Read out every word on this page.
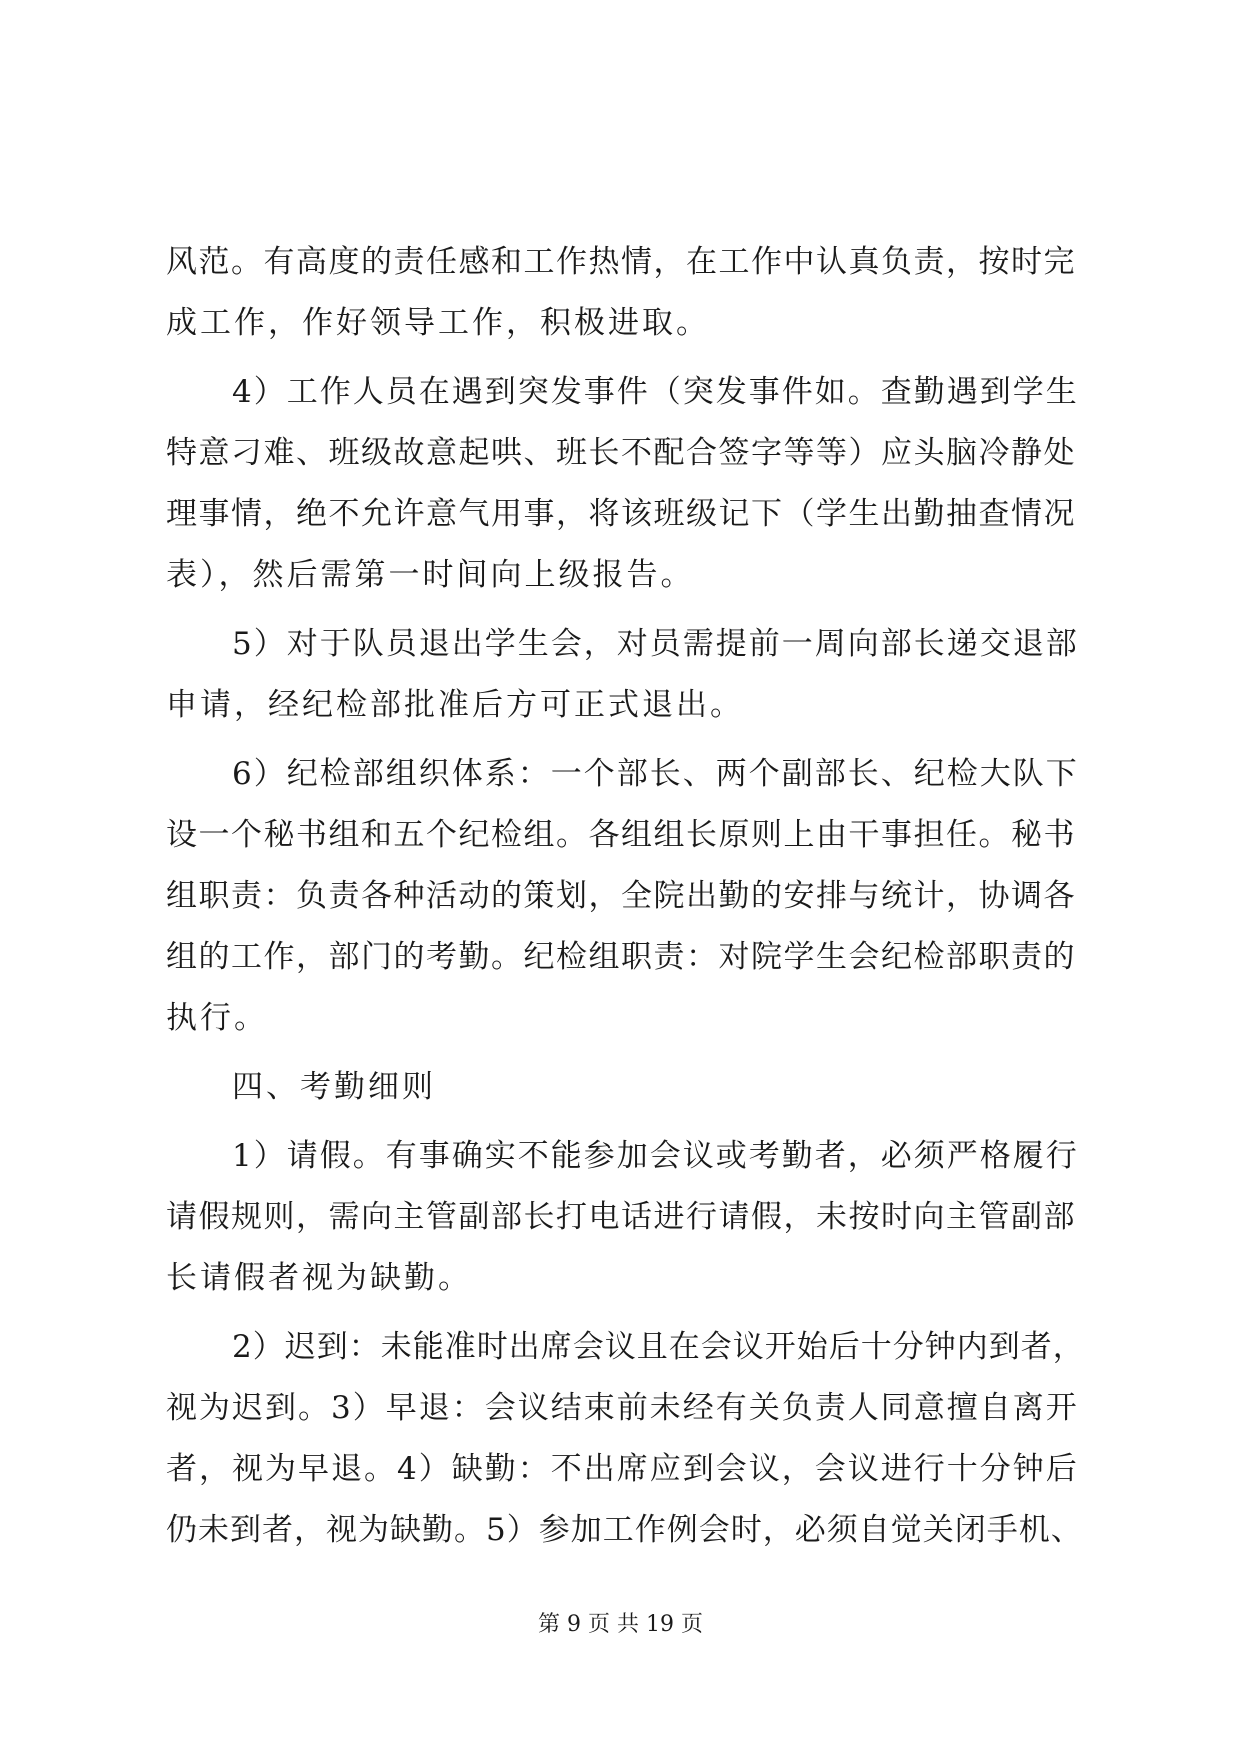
风范。有高度的责任感和工作热情，在工作中认真负责，按时完
成工作，作好领导工作，积极进取。
4）工作人员在遇到突发事件（突发事件如。查勤遇到学生
特意刁难、班级故意起哄、班长不配合签字等等）应头脑冷静处
理事情，绝不允许意气用事，将该班级记下（学生出勤抽查情况
表），然后需第一时间向上级报告。
5）对于队员退出学生会，对员需提前一周向部长递交退部
申请，经纪检部批准后方可正式退出。
6）纪检部组织体系：一个部长、两个副部长、纪检大队下
设一个秘书组和五个纪检组。各组组长原则上由干事担任。秘书
组职责：负责各种活动的策划，全院出勤的安排与统计，协调各
组的工作，部门的考勤。纪检组职责：对院学生会纪检部职责的
执行。
四、考勤细则
1）请假。有事确实不能参加会议或考勤者，必须严格履行
请假规则，需向主管副部长打电话进行请假，未按时向主管副部
长请假者视为缺勤。
2）迟到：未能准时出席会议且在会议开始后十分钟内到者，
视为迟到。3）早退：会议结束前未经有关负责人同意擅自离开
者，视为早退。4）缺勤：不出席应到会议，会议进行十分钟后
仍未到者，视为缺勤。5）参加工作例会时，必须自觉关闭手机、
第 9 页 共 19 页
